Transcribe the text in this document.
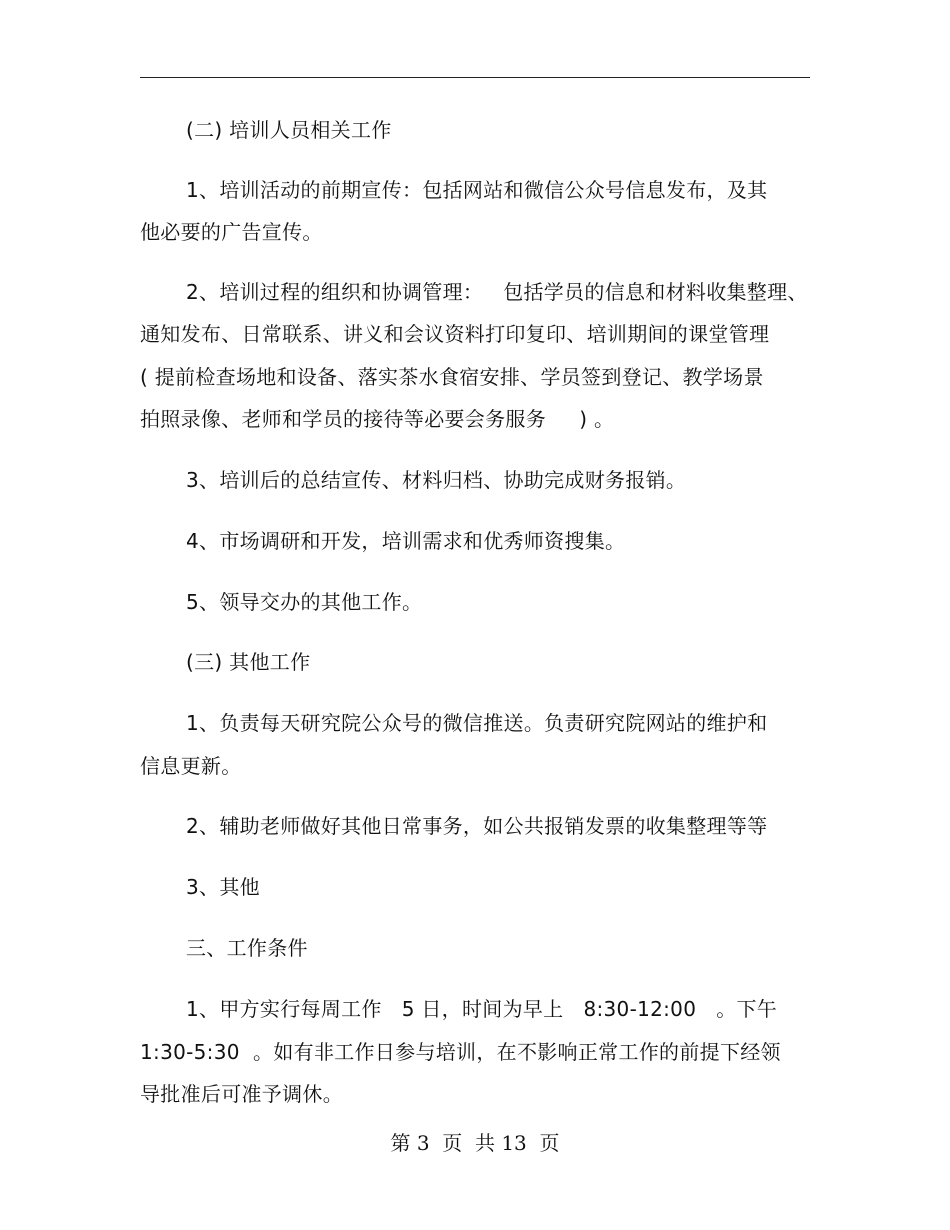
(二) 培训人员相关工作
1、培训活动的前期宣传：包括网站和微信公众号信息发布，及其
他必要的广告宣传。
2、培训过程的组织和协调管理：   包括学员的信息和材料收集整理、
通知发布、日常联系、讲义和会议资料打印复印、培训期间的课堂管理
( 提前检查场地和设备、落实茶水食宿安排、学员签到登记、教学场景
拍照录像、老师和学员的接待等必要会务服务     ) 。
3、培训后的总结宣传、材料归档、协助完成财务报销。
4、市场调研和开发，培训需求和优秀师资搜集。
5、领导交办的其他工作。
(三) 其他工作
1、负责每天研究院公众号的微信推送。负责研究院网站的维护和
信息更新。
2、辅助老师做好其他日常事务，如公共报销发票的收集整理等等
3、其他
三、工作条件
1、甲方实行每周工作   5 日，时间为早上   8:30-12:00   。下午
1:30-5:30  。如有非工作日参与培训，在不影响正常工作的前提下经领
导批准后可准予调休。
第 3  页  共 13  页
